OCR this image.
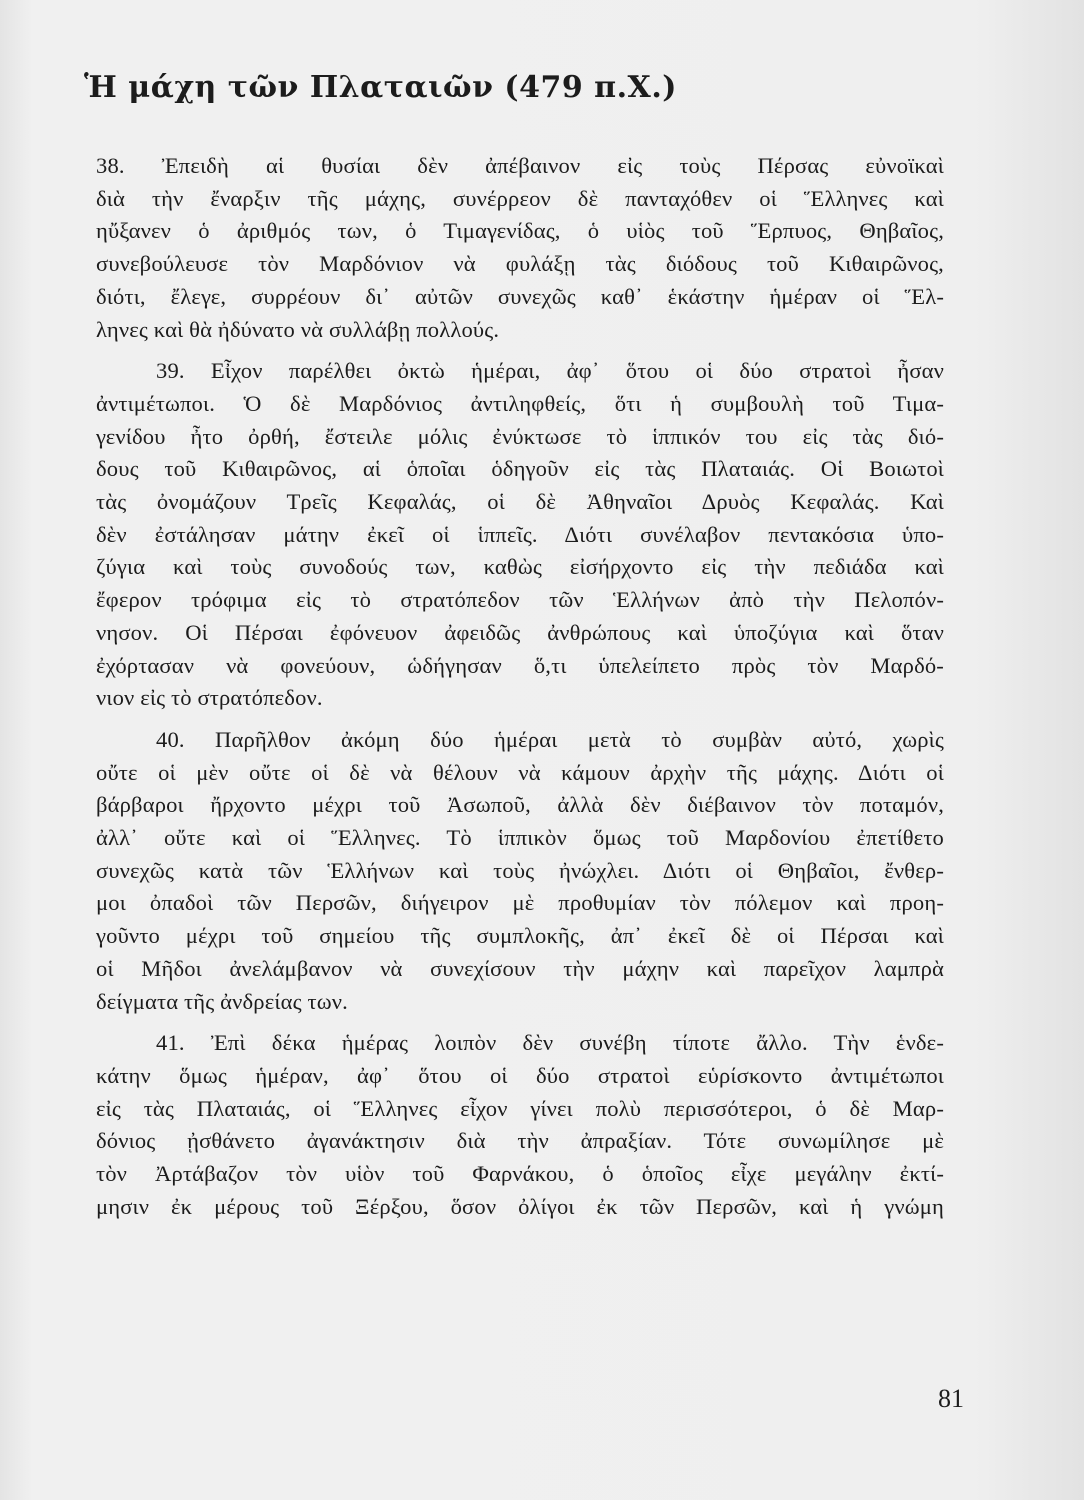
Ἡ μάχη τῶν Πλαταιῶν (479 π.Χ.)
38. Ἐπειδὴ αἱ θυσίαι δὲν ἀπέβαινον εἰς τοὺς Πέρσας εὐνοϊκαὶ
διὰ τὴν ἔναρξιν τῆς μάχης, συνέρρεον δὲ πανταχόθεν οἱ Ἕλληνες καὶ
ηὔξανεν ὁ ἀριθμός των, ὁ Τιμαγενίδας, ὁ υἱὸς τοῦ Ἕρπυος, Θηβαῖος,
συνεβούλευσε τὸν Μαρδόνιον νὰ φυλάξῃ τὰς διόδους τοῦ Κιθαιρῶνος,
διότι, ἔλεγε, συρρέουν δι᾽ αὐτῶν συνεχῶς καθ᾽ ἑκάστην ἡμέραν οἱ Ἕλ-
ληνες καὶ θὰ ἠδύνατο νὰ συλλάβῃ πολλούς.
39. Εἶχον παρέλθει ὀκτὼ ἡμέραι, ἀφ᾽ ὅτου οἱ δύο στρατοὶ ἦσαν
ἀντιμέτωποι. Ὁ δὲ Μαρδόνιος ἀντιληφθείς, ὅτι ἡ συμβουλὴ τοῦ Τιμα-
γενίδου ἦτο ὀρθή, ἔστειλε μόλις ἐνύκτωσε τὸ ἱππικόν του εἰς τὰς διό-
δους τοῦ Κιθαιρῶνος, αἱ ὁποῖαι ὁδηγοῦν εἰς τὰς Πλαταιάς. Οἱ Βοιωτοὶ
τὰς ὀνομάζουν Τρεῖς Κεφαλάς, οἱ δὲ Ἀθηναῖοι Δρυὸς Κεφαλάς. Καὶ
δὲν ἐστάλησαν μάτην ἐκεῖ οἱ ἱππεῖς. Διότι συνέλαβον πεντακόσια ὑπο-
ζύγια καὶ τοὺς συνοδούς των, καθὼς εἰσήρχοντο εἰς τὴν πεδιάδα καὶ
ἔφερον τρόφιμα εἰς τὸ στρατόπεδον τῶν Ἑλλήνων ἀπὸ τὴν Πελοπόν-
νησον. Οἱ Πέρσαι ἐφόνευον ἀφειδῶς ἀνθρώπους καὶ ὑποζύγια καὶ ὅταν
ἐχόρτασαν νὰ φονεύουν, ὡδήγησαν ὅ,τι ὑπελείπετο πρὸς τὸν Μαρδό-
νιον εἰς τὸ στρατόπεδον.
40. Παρῆλθον ἀκόμη δύο ἡμέραι μετὰ τὸ συμβὰν αὐτό, χωρὶς
οὔτε οἱ μὲν οὔτε οἱ δὲ νὰ θέλουν νὰ κάμουν ἀρχὴν τῆς μάχης. Διότι οἱ
βάρβαροι ἤρχοντο μέχρι τοῦ Ἀσωποῦ, ἀλλὰ δὲν διέβαινον τὸν ποταμόν,
ἀλλ᾽ οὔτε καὶ οἱ Ἕλληνες. Τὸ ἱππικὸν ὅμως τοῦ Μαρδονίου ἐπετίθετο
συνεχῶς κατὰ τῶν Ἑλλήνων καὶ τοὺς ἠνώχλει. Διότι οἱ Θηβαῖοι, ἔνθερ-
μοι ὀπαδοὶ τῶν Περσῶν, διήγειρον μὲ προθυμίαν τὸν πόλεμον καὶ προη-
γοῦντο μέχρι τοῦ σημείου τῆς συμπλοκῆς, ἀπ᾽ ἐκεῖ δὲ οἱ Πέρσαι καὶ
οἱ Μῆδοι ἀνελάμβανον νὰ συνεχίσουν τὴν μάχην καὶ παρεῖχον λαμπρὰ
δείγματα τῆς ἀνδρείας των.
41. Ἐπὶ δέκα ἡμέρας λοιπὸν δὲν συνέβη τίποτε ἄλλο. Τὴν ἑνδε-
κάτην ὅμως ἡμέραν, ἀφ᾽ ὅτου οἱ δύο στρατοὶ εὑρίσκοντο ἀντιμέτωποι
εἰς τὰς Πλαταιάς, οἱ Ἕλληνες εἶχον γίνει πολὺ περισσότεροι, ὁ δὲ Μαρ-
δόνιος ᾐσθάνετο ἀγανάκτησιν διὰ τὴν ἀπραξίαν. Τότε συνωμίλησε μὲ
τὸν Ἀρτάβαζον τὸν υἱὸν τοῦ Φαρνάκου, ὁ ὁποῖος εἶχε μεγάλην ἐκτί-
μησιν ἐκ μέρους τοῦ Ξέρξου, ὅσον ὀλίγοι ἐκ τῶν Περσῶν, καὶ ἡ γνώμη
81
